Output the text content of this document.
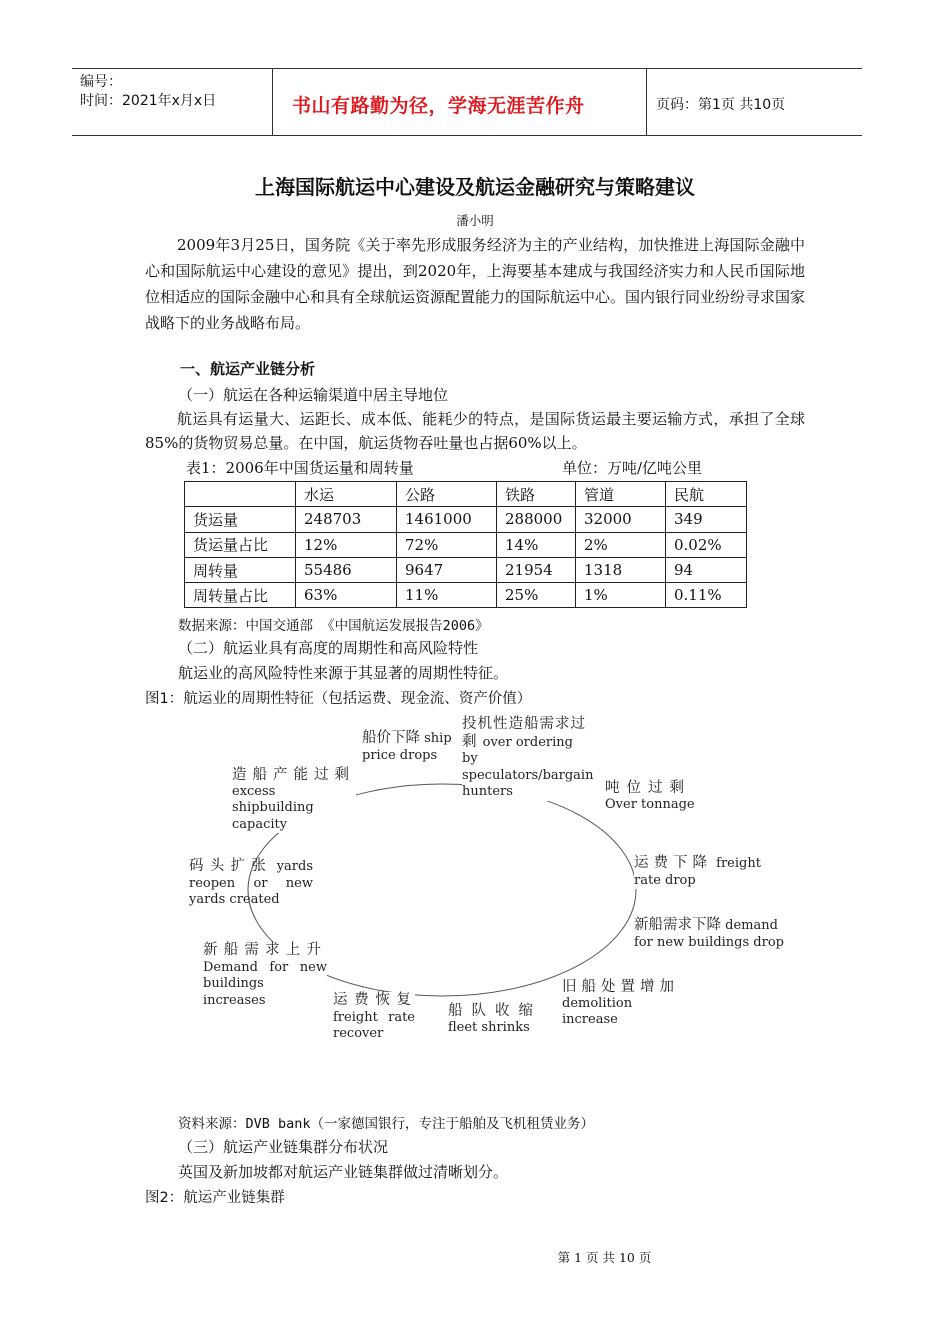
编号：
时间：2021年x月x日	书山有路勤为径，学海无涯苦作舟	页码：第1页 共10页
上海国际航运中心建设及航运金融研究与策略建议
潘小明

2009年3月25日，国务院《关于率先形成服务经济为主的产业结构，加快推进上海国际金融中心和国际航运中心建设的意见》提出，到2020年，上海要基本建成与我国经济实力和人民币国际地位相适应的国际金融中心和具有全球航运资源配置能力的国际航运中心。国内银行同业纷纷寻求国家战略下的业务战略布局。

一、航运产业链分析
（一）航运在各种运输渠道中居主导地位

航运具有运量大、运距长、成本低、能耗少的特点，是国际货运最主要运输方式，承担了全球85%的货物贸易总量。在中国，航运货物吞吐量也占据60%以上。

表1：2006年中国货运量和周转量	单位：万吨/亿吨公里
	水运	公路	铁路	管道	民航
货运量	248703	1461000	288000	32000	349
货运量占比	12%	72%	14%	2%	0.02%
周转量	55486	9647	21954	1318	94
周转量占比	63%	11%	25%	1%	0.11%
数据来源：中国交通部 《中国航运发展报告2006》
（二）航运业具有高度的周期性和高风险特性
航运业的高风险特性来源于其显著的周期性特征。
图1：航运业的周期性特征（包括运费、现金流、资产价值）
船价下降 ship price drops
投机性造船需求过剩 over ordering by speculators/bargain hunters	吨位过剩
Over tonnage
运费下降 freight rate drop
新船需求下降 demand for new buildings drop
旧船处置增加
demolition increase
船队收缩
fleet shrinks
运费恢复 freight rate recover
新船需求上升 Demand for new buildings increases
码头扩张 yards reopen or new yards created
造船产能过剩
excess shipbuilding capacity
资料来源：DVB bank（一家德国银行，专注于船舶及飞机租赁业务）
（三）航运产业链集群分布状况
英国及新加坡都对航运产业链集群做过清晰划分。
图2：航运产业链集群
第 1 页 共 10 页
